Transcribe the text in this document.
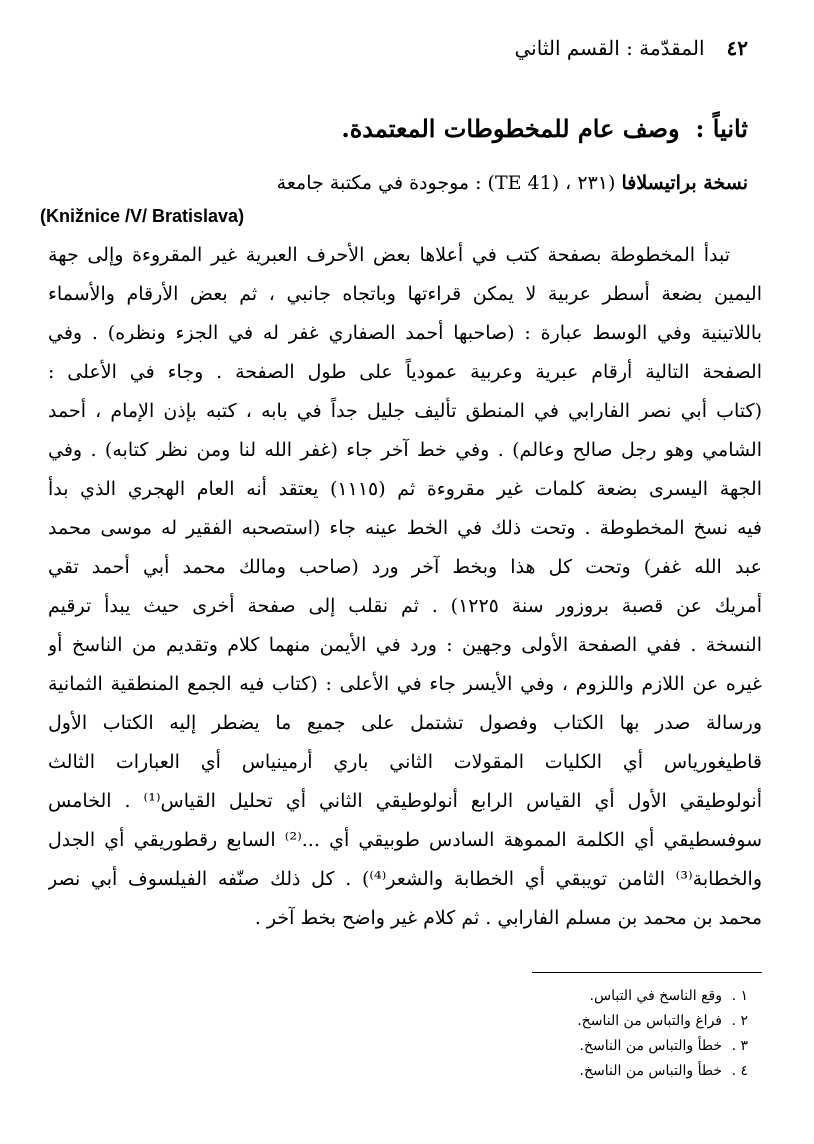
٤٢المقدّمة : القسم الثاني
ثانياً :وصف عام للمخطوطات المعتمدة.
نسخة براتيسلافا (٢٣١ ، (TE 41) : موجودة في مكتبة جامعة
(Knižnice /V/ Bratislava)
تبدأ المخطوطة بصفحة كتب في أعلاها بعض الأحرف العبرية غير المقروءة وإلى جهة
اليمين بضعة أسطر عربية لا يمكن قراءتها وباتجاه جانبي ، ثم بعض الأرقام والأسماء
باللاتينية وفي الوسط عبارة : (صاحبها أحمد الصفاري غفر له في الجزء ونظره) . وفي
الصفحة التالية أرقام عبرية وعربية عمودياً على طول الصفحة . وجاء في الأعلى :
(كتاب أبي نصر الفارابي في المنطق تأليف جليل جداً في بابه ، كتبه بإذن الإمام ، أحمد
الشامي وهو رجل صالح وعالم) . وفي خط آخر جاء (غفر الله لنا ومن نظر كتابه) . وفي
الجهة اليسرى بضعة كلمات غير مقروءة ثم (١١١٥) يعتقد أنه العام الهجري الذي بدأ
فيه نسخ المخطوطة . وتحت ذلك في الخط عينه جاء (استصحبه الفقير له موسى محمد
عبد الله غفر) وتحت كل هذا وبخط آخر ورد (صاحب ومالك محمد أبي أحمد تقي
أمريك عن قصبة بروزور سنة ١٢٢٥) . ثم نقلب إلى صفحة أخرى حيث يبدأ ترقيم
النسخة . ففي الصفحة الأولى وجهين : ورد في الأيمن منهما كلام وتقديم من الناسخ أو
غيره عن اللازم واللزوم ، وفي الأيسر جاء في الأعلى : (كتاب فيه الجمع المنطقية الثمانية
ورسالة صدر بها الكتاب وفصول تشتمل على جميع ما يضطر إليه الكتاب الأول
قاطيغورياس أي الكليات المقولات الثاني باري أرمينياس أي العبارات الثالث
أنولوطيقي الأول أي القياس الرابع أنولوطيقي الثاني أي تحليل القياس⁽¹⁾ . الخامس
سوفسطيقي أي الكلمة المموهة السادس طوبيقي أي ...⁽²⁾ السابع رقطوريقي أي الجدل
والخطابة⁽³⁾ الثامن تويبقي أي الخطابة والشعر⁽⁴⁾) . كل ذلك صنّفه الفيلسوف أبي نصر
محمد بن محمد بن مسلم الفارابي . ثم كلام غير واضح بخط آخر .
١ .وقع الناسخ في التباس.
٢ .فراغ والتباس من الناسخ.
٣ .خطأ والتباس من الناسخ.
٤ .خطأ والتباس من الناسخ.
